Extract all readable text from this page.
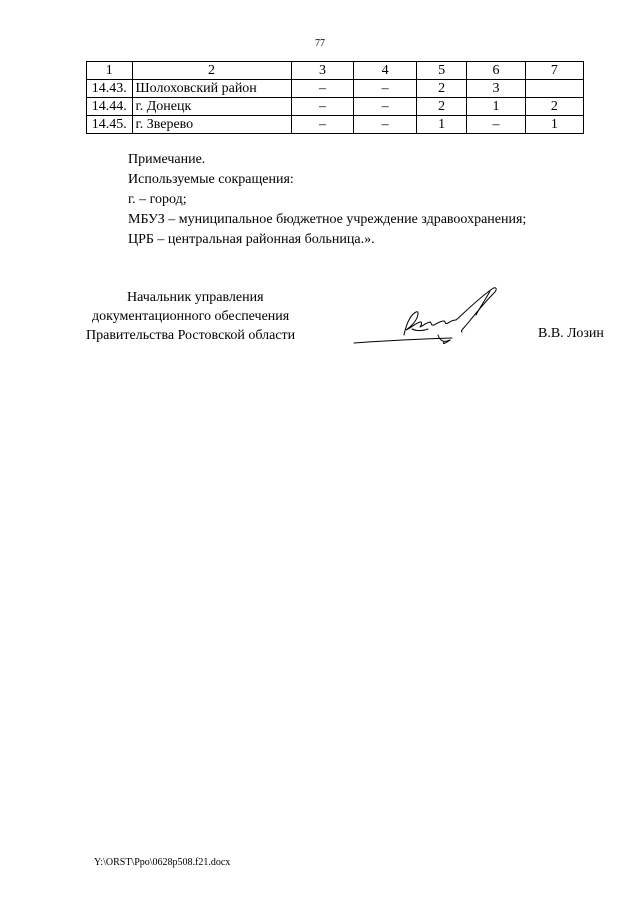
77
1	2	3	4	5	6	7
14.43.	Шолоховский район	–	–	2	3	
14.44.	г. Донецк	–	–	2	1	2
14.45.	г. Зверево	–	–	1	–	1
Примечание.
Используемые сокращения:
г. – город;
МБУЗ – муниципальное бюджетное учреждение здравоохранения;
ЦРБ – центральная районная больница.».
Начальник управления
документационного обеспечения
Правительства Ростовской области	В.В. Лозин
Y:\ORST\Ppo\0628p508.f21.docx
